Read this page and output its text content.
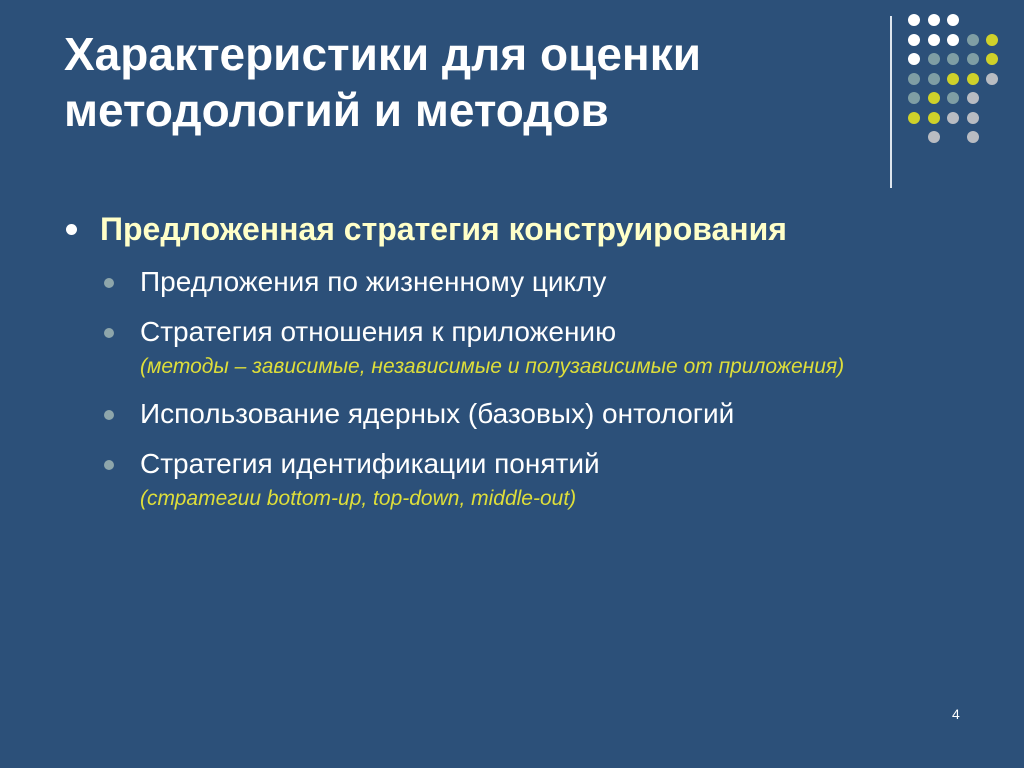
Характеристики для оценки
методологий и методов
Предложенная стратегия конструирования
Предложения по жизненному циклу
Стратегия отношения к приложению
(методы – зависимые, независимые и полузависимые от приложения)
Использование ядерных (базовых) онтологий
Стратегия идентификации понятий
(стратегии bottom-up, top-down, middle-out)
4
